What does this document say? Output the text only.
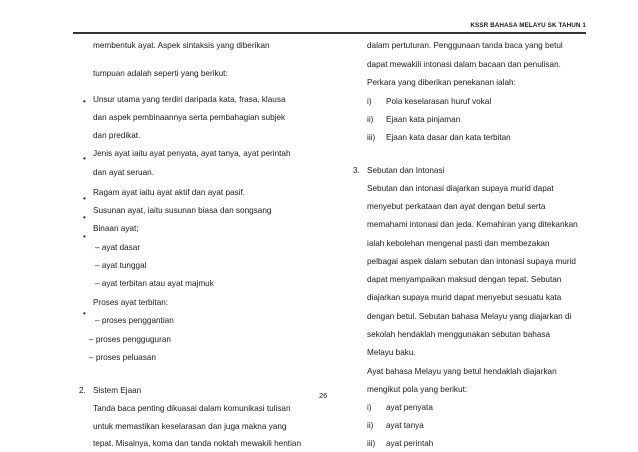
KSSR BAHASA MELAYU SK TAHUN 1
membentuk ayat. Aspek sintaksis yang diberikan
tumpuan adalah seperti yang berikut:
• Unsur utama yang terdiri daripada kata, frasa, klausa
dan aspek pembinaannya serta pembahagian subjek
dan predikat.
•
Jenis ayat iaitu ayat penyata, ayat tanya, ayat perintah
dan ayat seruan.
•
Ragam ayat iaitu ayat aktif dan ayat pasif.
•
Susunan ayat, iaitu susunan biasa dan songsang
•
Binaan ayat;
– ayat dasar
– ayat tunggal
– ayat terbitan atau ayat majmuk
•
Proses ayat terbitan:
– proses penggantian
– proses pengguguran
– proses peluasan
2. Sistem Ejaan
Tanda baca penting dikuasai dalam komunikasi tulisan
untuk memastikan keselarasan dan juga makna yang
tepat. Misalnya, koma dan tanda noktah mewakili hentian
dalam pertuturan. Penggunaan tanda baca yang betul
dapat mewakili intonasi dalam bacaan dan penulisan.
Perkara yang diberikan penekanan ialah:
i) Pola keselarasan huruf vokal
ii) Ejaan kata pinjaman
iii) Ejaan kata dasar dan kata terbitan
3. Sebutan dan Intonasi
Sebutan dan intonasi diajarkan supaya murid dapat
menyebut perkataan dan ayat dengan betul serta
memahami intonasi dan jeda. Kemahiran yang ditekankan
ialah kebolehan mengenal pasti dan membezakan
pelbagai aspek dalam sebutan dan intonasi supaya murid
dapat menyampaikan maksud dengan tepat. Sebutan
diajarkan supaya murid dapat menyebut sesuatu kata
dengan betul. Sebutan bahasa Melayu yang diajarkan di
sekolah hendaklah menggunakan sebutan bahasa
Melayu baku.
Ayat bahasa Melayu yang betul hendaklah diajarkan
mengikut pola yang berikut:
i) ayat penyata
ii) ayat tanya
iii) ayat perintah
26
